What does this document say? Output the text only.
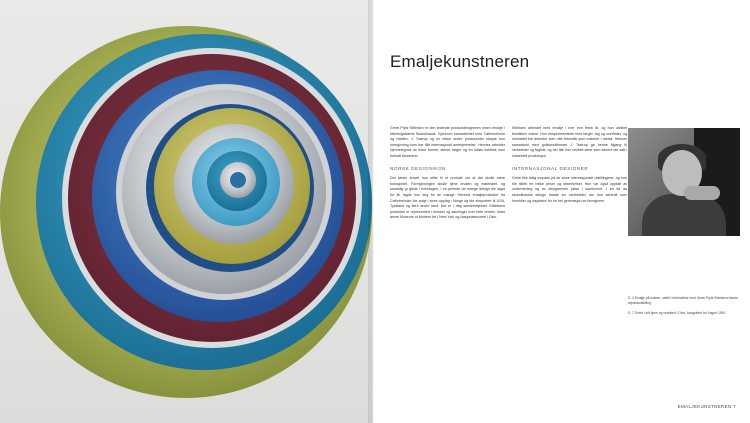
Emaljekunstneren

Grete Prytz Kittelsen er den ledende produktdesigneren innen emalje i etterkrigstidens Skandinavia. Gjennom samarbeidet med Cathrineholm og Halden, J. Tostrup og en rekke andre produsenter skapte hun formgivning som har fått internasjonal anerkjennelse. Hennes arbeider kjennetegnes av klare former, sterke farger og en tidløs estetikk som fortsatt fascinerer.

NORSK DESIGNIKON

Det første kravet hun stilte til et produkt var at det skulle være funksjonelt. Formgivningen skulle tjene bruken og materialet, og samtidig gi glede i hverdagen. I en periode da mange design ble laget for få, lagde hun ting for de mange. Hennes emaljeprodukter fra Cathrineholm ble solgt i store opplag i Norge og ble eksportert til USA, Tyskland og flere andre land. Det er i dag samlerobjekter. Kittelsens produkter er representert i museer og samlinger over hele verden, blant annet Museum of Modern Art i New York og Nasjonalmuseet i Oslo.

Kittelsen arbeidet med emalje i mer enn femti år, og hun utviklet teknikken videre. Hun eksperimenterte med farger, lag og overflater, og resultatet ble arbeider som ofte fremstår som malerier i metall. Hennes samarbeid med gullsmedfirmaet J. Tostrup ga henne tilgang til verksteder og fagfolk, og her fikk hun utviklet ideer som senere ble satt i industriell produksjon.

INTERNASJONAL DESIGNER

Grete fikk tidlig innpass på de store internasjonale utstillingene, og hun ble tildelt en rekke priser og utmerkelser. Hun var også opptatt av undervisning og av designernes plass i samfunnet. I en tid da skandinavisk design hadde sin storhetstid, sto hun sentralt som formidler og inspirator for en hel generasjon av formgivere.

S. 4 Emalje på kobber, utstilt i forbindelse med Grete Prytz Kittelsens første separatutstilling.

S. 7 Grete i sitt hjem og verksted i Oslo, fotografert for Vogue 1961.

EMALJEKUNSTNEREN 7
